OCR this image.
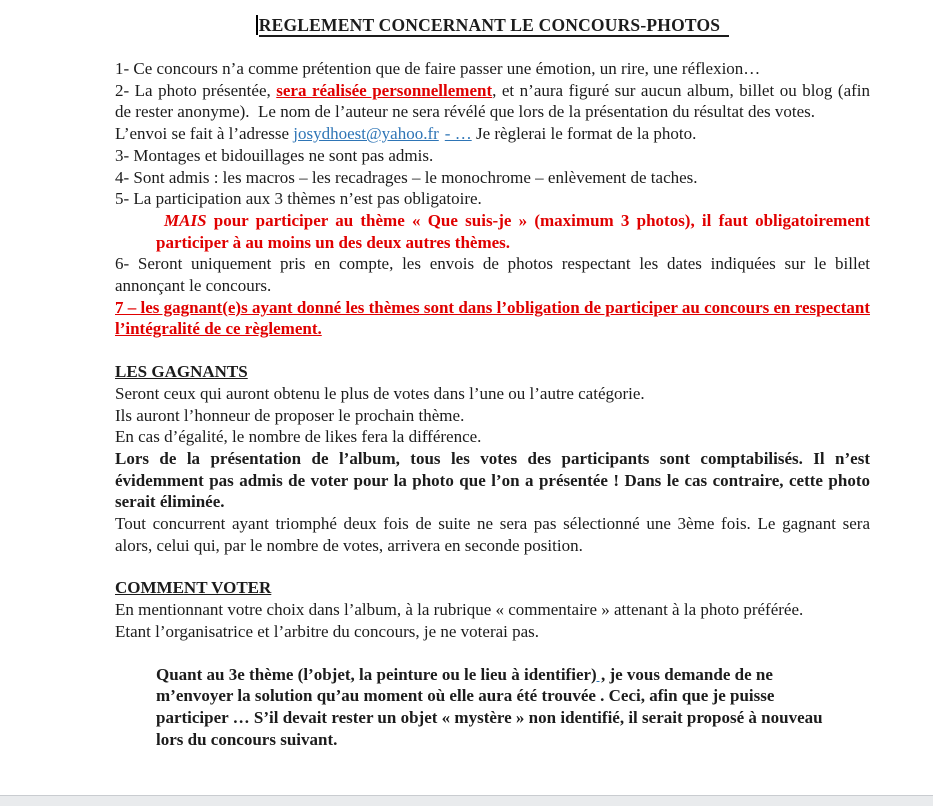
REGLEMENT CONCERNANT LE CONCOURS-PHOTOS

1- Ce concours n’a comme prétention que de faire passer une émotion, un rire, une réflexion…

2- La photo présentée, sera réalisée personnellement, et n’aura figuré sur aucun album, billet ou blog (afin de rester anonyme).  Le nom de l’auteur ne sera révélé que lors de la présentation du résultat des votes.

L’envoi se fait à l’adresse josydhoest@yahoo.fr - … Je règlerai le format de la photo.

3- Montages et bidouillages ne sont pas admis.

4- Sont admis : les macros – les recadrages – le monochrome – enlèvement de taches.

5- La participation aux 3 thèmes n’est pas obligatoire.

MAIS pour participer au thème « Que suis-je » (maximum 3 photos), il faut obligatoirement participer à au moins un des deux autres thèmes.

6- Seront uniquement pris en compte, les envois de photos respectant les dates indiquées sur le billet annonçant le concours.

7 – les gagnant(e)s ayant donné les thèmes sont dans l’obligation de participer au concours en respectant l’intégralité de ce règlement.

LES GAGNANTS

Seront ceux qui auront obtenu le plus de votes dans l’une ou l’autre catégorie.

Ils auront l’honneur de proposer le prochain thème.

En cas d’égalité, le nombre de likes fera la différence.

Lors de la présentation de l’album, tous les votes des participants sont comptabilisés. Il n’est évidemment pas admis de voter pour la photo que l’on a présentée ! Dans le cas contraire, cette photo serait éliminée.

Tout concurrent ayant triomphé deux fois de suite ne sera pas sélectionné une 3ème fois. Le gagnant sera alors, celui qui, par le nombre de votes, arrivera en seconde position.

COMMENT VOTER

En mentionnant votre choix dans l’album, à la rubrique « commentaire » attenant à la photo préférée.

Etant l’organisatrice et l’arbitre du concours, je ne voterai pas.

Quant au 3e thème (l’objet, la peinture ou le lieu à identifier) , je vous demande de ne m’envoyer la solution qu’au moment où elle aura été trouvée . Ceci, afin que je puisse participer … S’il devait rester un objet « mystère » non identifié, il serait proposé à nouveau lors du concours suivant.
